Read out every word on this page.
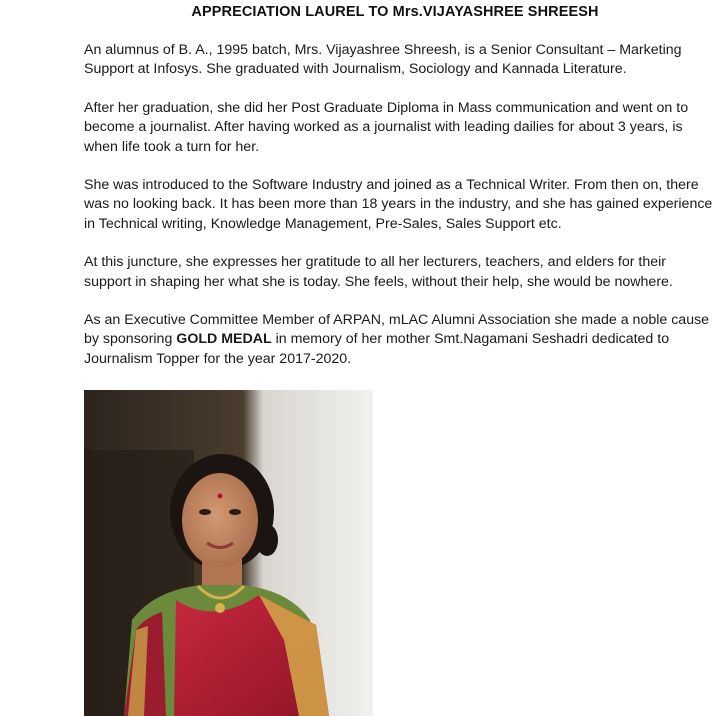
APPRECIATION LAUREL TO Mrs.VIJAYASHREE SHREESH

An alumnus of B. A., 1995 batch, Mrs. Vijayashree Shreesh, is a Senior Consultant – Marketing Support at Infosys. She graduated with Journalism, Sociology and Kannada Literature.

After her graduation, she did her Post Graduate Diploma in Mass communication and went on to become a journalist. After having worked as a journalist with leading dailies for about 3 years, is when life took a turn for her.

She was introduced to the Software Industry and joined as a Technical Writer. From then on, there was no looking back. It has been more than 18 years in the industry, and she has gained experience in Technical writing, Knowledge Management, Pre-Sales, Sales Support etc.

At this juncture, she expresses her gratitude to all her lecturers, teachers, and elders for their support in shaping her what she is today. She feels, without their help, she would be nowhere.

As an Executive Committee Member of ARPAN, mLAC Alumni Association she made a noble cause by sponsoring GOLD MEDAL in memory of her mother Smt.Nagamani Seshadri dedicated to Journalism Topper for the year 2017-2020.
